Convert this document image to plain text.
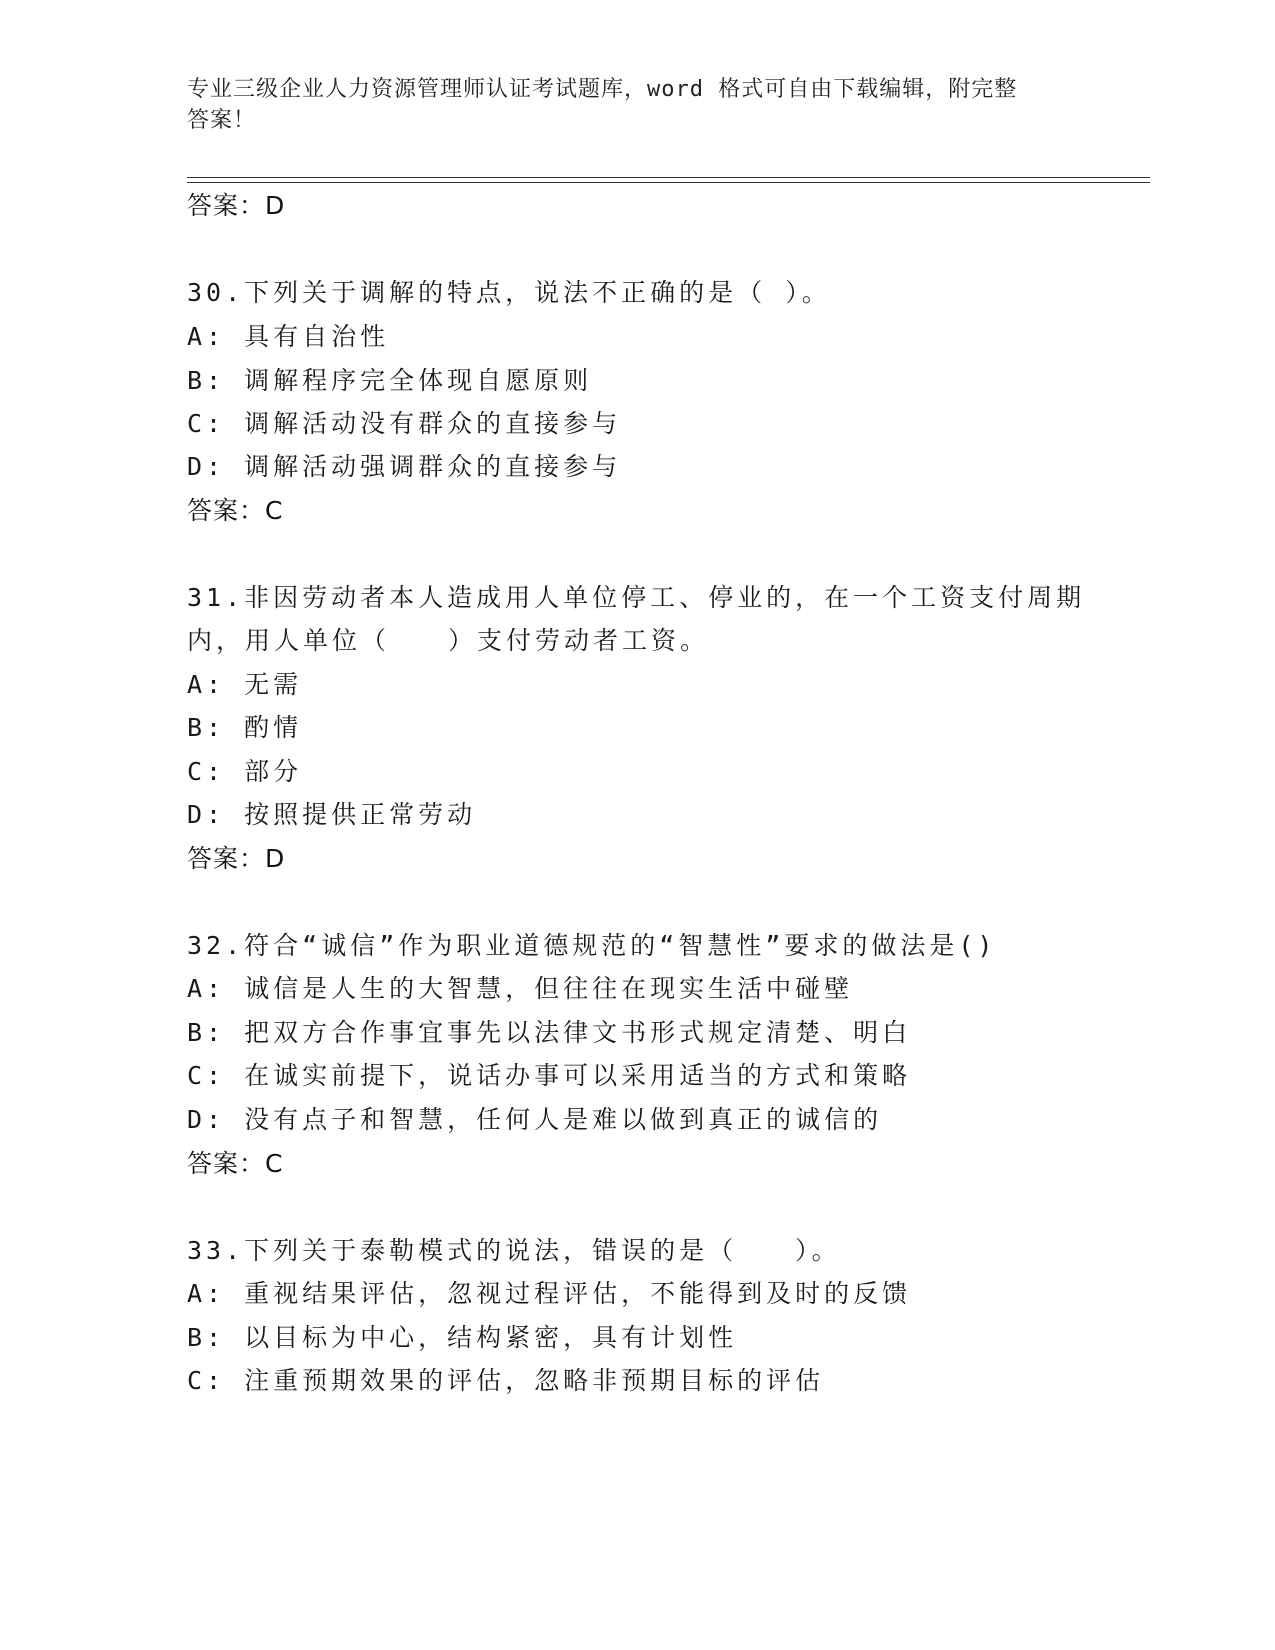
专业三级企业人力资源管理师认证考试题库，word 格式可自由下载编辑，附完整
答案！
答案：D
30.下列关于调解的特点，说法不正确的是（ ）。
A: 具有自治性
B: 调解程序完全体现自愿原则
C: 调解活动没有群众的直接参与
D: 调解活动强调群众的直接参与
答案：C
31.非因劳动者本人造成用人单位停工、停业的，在一个工资支付周期
内，用人单位（　　）支付劳动者工资。
A: 无需
B: 酌情
C: 部分
D: 按照提供正常劳动
答案：D
32.符合“诚信”作为职业道德规范的“智慧性”要求的做法是()
A: 诚信是人生的大智慧，但往往在现实生活中碰壁
B: 把双方合作事宜事先以法律文书形式规定清楚、明白
C: 在诚实前提下，说话办事可以采用适当的方式和策略
D: 没有点子和智慧，任何人是难以做到真正的诚信的
答案：C
33.下列关于泰勒模式的说法，错误的是（　　）。
A: 重视结果评估，忽视过程评估，不能得到及时的反馈
B: 以目标为中心，结构紧密，具有计划性
C: 注重预期效果的评估，忽略非预期目标的评估
